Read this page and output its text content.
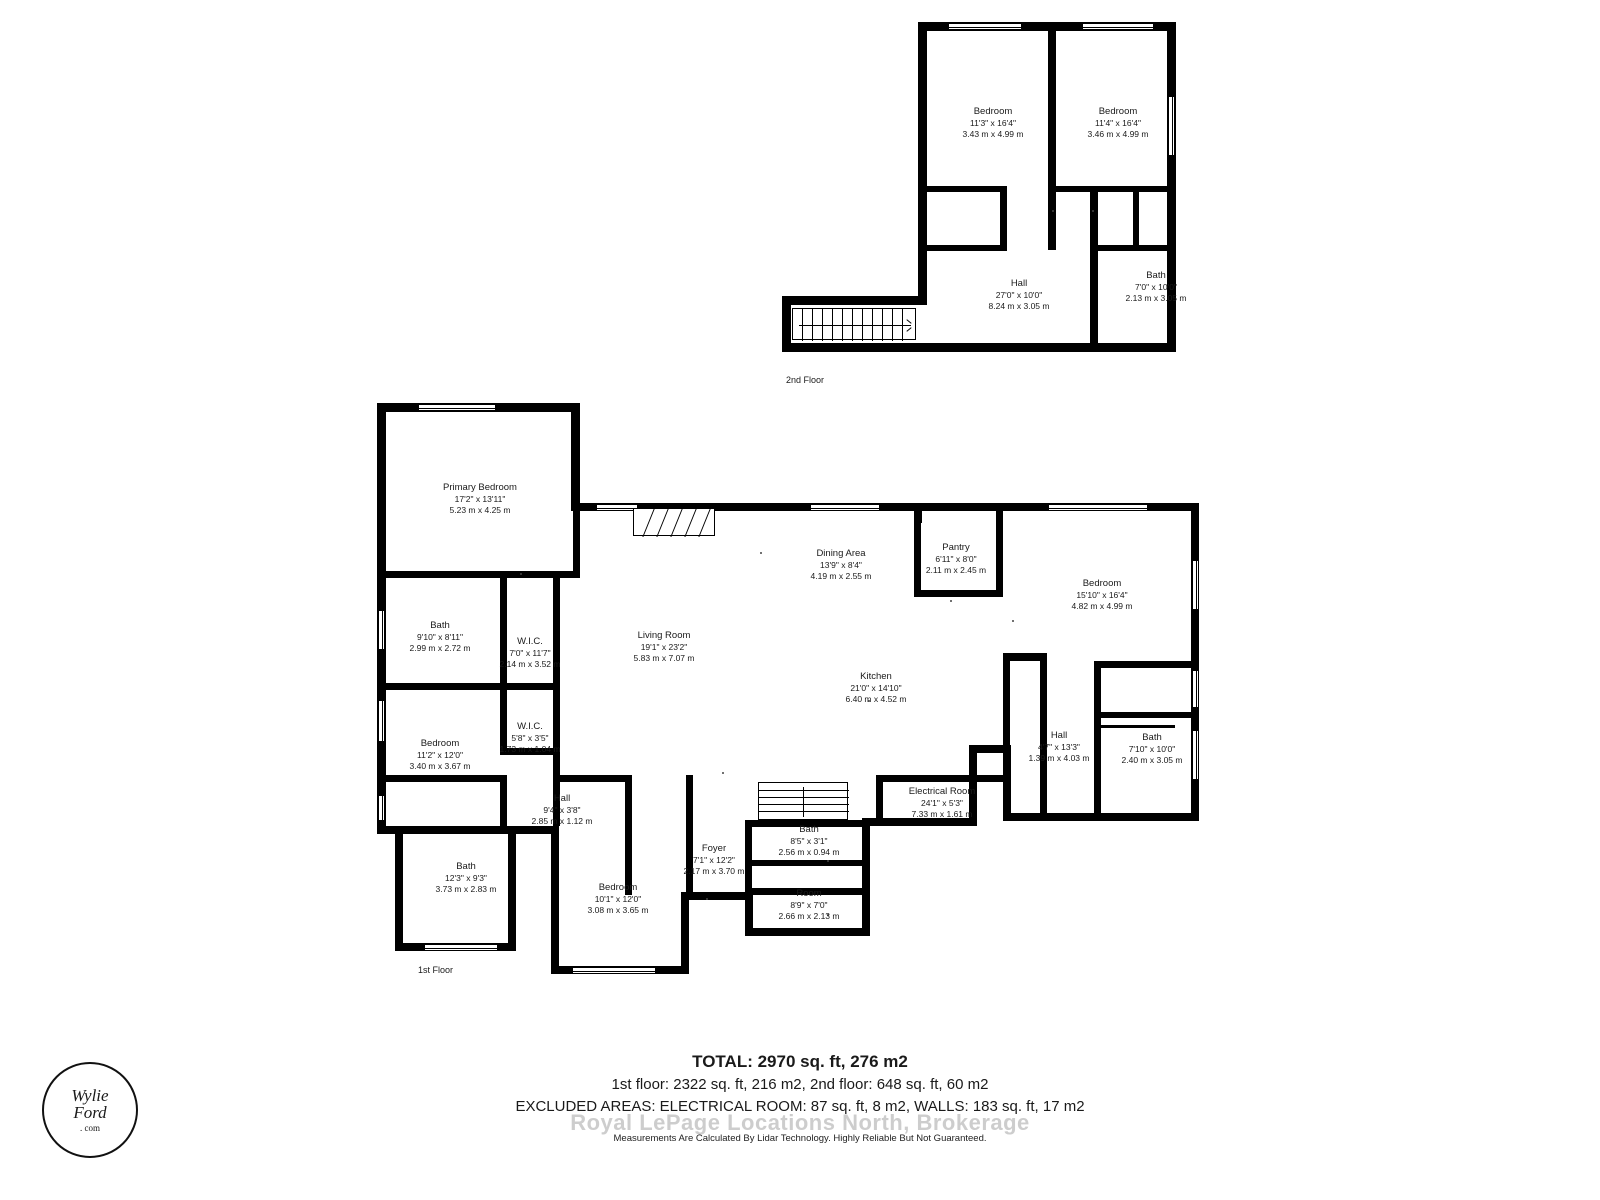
Bedroom
11'3" x 16'4"
3.43 m x 4.99 m
Bedroom
11'4" x 16'4"
3.46 m x 4.99 m
Hall
27'0" x 10'0"
8.24 m x 3.05 m
Bath
7'0" x 10'0"
2.13 m x 3.05 m
2nd Floor
Primary Bedroom
17'2" x 13'11"
5.23 m x 4.25 m
Bath
9'10" x 8'11"
2.99 m x 2.72 m
W.I.C.
7'0" x 11'7"
2.14 m x 3.52 m
W.I.C.
5'8" x 3'5"
1.73 m x 1.04 m
Bedroom
11'2" x 12'0"
3.40 m x 3.67 m
Hall
9'4" x 3'8"
2.85 m x 1.12 m
Bath
12'3" x 9'3"
3.73 m x 2.83 m	Bedroom
10'1" x 12'0"
3.08 m x 3.65 m
Foyer
7'1" x 12'2"
2.17 m x 3.70 m
Bath
8'5" x 3'1"
2.56 m x 0.94 m
Room
8'9" x 7'0"
2.66 m x 2.13 m
Living Room
19'1" x 23'2"
5.83 m x 7.07 m
Dining Area
13'9" x 8'4"
4.19 m x 2.55 m
Kitchen
21'0" x 14'10"
6.40 m x 4.52 m
Pantry
6'11" x 8'0"
2.11 m x 2.45 m
Electrical Room
24'1" x 5'3"
7.33 m x 1.61 m
Bedroom
15'10" x 16'4"
4.82 m x 4.99 m
Hall
4'7" x 13'3"
1.39 m x 4.03 m
Bath
7'10" x 10'0"
2.40 m x 3.05 m
1st Floor
TOTAL: 2970 sq. ft, 276 m2
1st floor: 2322 sq. ft, 216 m2, 2nd floor: 648 sq. ft, 60 m2
EXCLUDED AREAS: ELECTRICAL ROOM: 87 sq. ft, 8 m2, WALLS: 183 sq. ft, 17 m2
Royal LePage Locations North, Brokerage
Measurements Are Calculated By Lidar Technology. Highly Reliable But Not Guaranteed.
Wylie
Ford
. com
